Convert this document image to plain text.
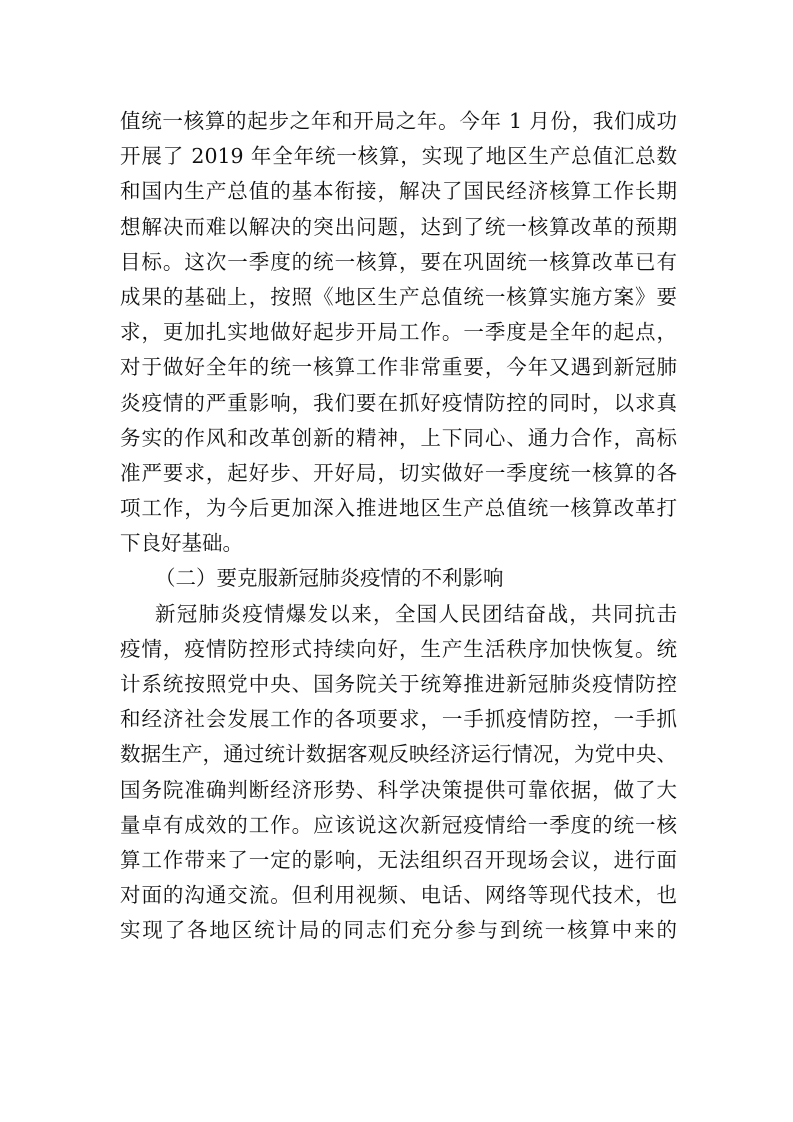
值统一核算的起步之年和开局之年。今年 1 月份，我们成功
开展了 2019 年全年统一核算，实现了地区生产总值汇总数
和国内生产总值的基本衔接，解决了国民经济核算工作长期
想解决而难以解决的突出问题，达到了统一核算改革的预期
目标。这次一季度的统一核算，要在巩固统一核算改革已有
成果的基础上，按照《地区生产总值统一核算实施方案》要
求，更加扎实地做好起步开局工作。一季度是全年的起点，
对于做好全年的统一核算工作非常重要，今年又遇到新冠肺
炎疫情的严重影响，我们要在抓好疫情防控的同时，以求真
务实的作风和改革创新的精神，上下同心、通力合作，高标
准严要求，起好步、开好局，切实做好一季度统一核算的各
项工作，为今后更加深入推进地区生产总值统一核算改革打
下良好基础。
（二）要克服新冠肺炎疫情的不利影响
新冠肺炎疫情爆发以来，全国人民团结奋战，共同抗击
疫情，疫情防控形式持续向好，生产生活秩序加快恢复。统
计系统按照党中央、国务院关于统筹推进新冠肺炎疫情防控
和经济社会发展工作的各项要求，一手抓疫情防控，一手抓
数据生产，通过统计数据客观反映经济运行情况，为党中央、
国务院准确判断经济形势、科学决策提供可靠依据，做了大
量卓有成效的工作。应该说这次新冠疫情给一季度的统一核
算工作带来了一定的影响，无法组织召开现场会议，进行面
对面的沟通交流。但利用视频、电话、网络等现代技术，也
实现了各地区统计局的同志们充分参与到统一核算中来的
